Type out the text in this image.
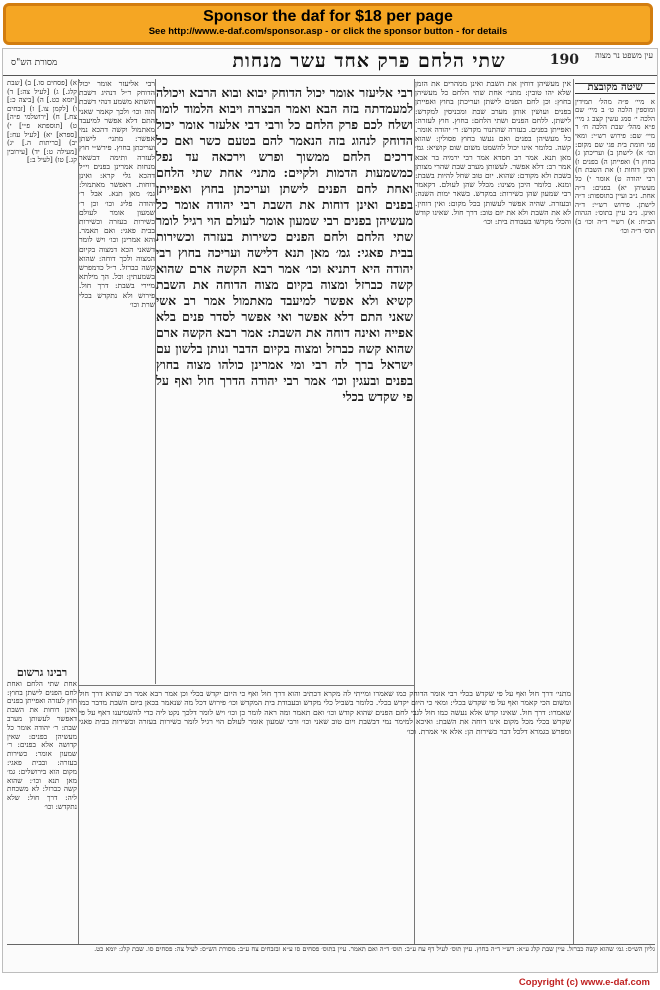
Sponsor the daf for $18 per page
See http://www.e-daf.com/sponsor.asp - or click the sponsor button - for details
מסורת הש"ס	שתי הלחם פרק אחד עשר מנחות	190	עין משפט נר מצוה
רבי אליעזר אומר יכול הדוחק יבוא ובוא הרבא ויכולה למעמדתה בזה הבא ואמר הבצרה ויבוא הלמוד לומר ושלח לכם פרק הלחם כל ורבי דבי אלעזר אומר יכול הדוחק לנהוג בזה הנאמר להם בטעם כשר ואם כל דרכים הלחם ממשוך ופרש וירכאה עד נפל כמשמעות הדמות ולקיים: מתני׳ אחת שתי הלחם ואחת לחם הפנים לישתן ועריכתן בחוץ ואפייתן בפנים ואינן דוחות את השבת רבי יהודה אומר כל מעשיהן בפנים רבי שמעון אומר לעולם הוי רגיל לומר שתי הלחם ולחם הפנים כשירות בעזרה וכשירות בבית פאגי: גמ׳ מאן תנא דלישה ועריכה בחוץ רבי יהודה היא דתניא וכו׳ אמר רבא הקשה ארם שהוא קשה כברזל ומצוה בקיום מצוה הדוחה את השבת קשיא ולא אפשר למיעבד מאתמול אמר רב אשי שאני התם דלא אפשר ואי אפשר לסדר פנים בלא אפייה ואינה דוחה את השבת: אמר רבא הקשה ארם שהוא קשה כברזל ומצוה בקיום הדבר ונותן בלשון עם ישראל ברך לה רבי ומי אמרינן כולהו מצוה בחוץ בפנים ובעגין וכו׳ אמר רבי יהודה הדרך חול ואף על פי שקדש בכלי
אין מעשיהן דוחין את השבת ואינן ממהרים את הזמן שלא יהו טובין: מתני׳ אחת שתי הלחם כל מעשיהן בחוץ: וכן לחם הפנים לישתן ועריכתן בחוץ ואפייתן בפנים ועושין אותן מערב שבת ומכניסין למקדש: לישתן. ללחם הפנים ושתי הלחם: בחוץ. חוץ לעזרה: ואפייתן בפנים. בעזרה שהתנור מקדש: ר׳ יהודה אומר. כל מעשיהן בפנים ואם נעשו בחוץ פסולין: שהוא קשה. כלומר אינו יכול להשמט משום שום קושיא: גמ׳ מאן תנא. אמר רב חסדא אמר רבי ירמיה בר אבא אמר רב: דלא אפשר. לעשותן מערב שבת שהרי מצותן בשבת ולא מקודם: שהוא. יום טוב שחל להיות בשבת: ומנא. כלומר היכן מצינו: מכלל שהן לעולם. דקאמר רבי שמעון שהן כשירות: במקדש. בשאר ימות השנה: ובעזרה. שהיה אפשר לעשותן בכל מקום: ואין דוחין. לא את השבת ולא את יום טוב: דרך חול. שאינו קודש והכלי מקדשו בעבודת בית: וכו׳
רבי אליעזר אומר יכול הדוחק ר״ל דנהיג דשבת והשתא משמע דנהי דשבת הוה וכו׳ ולכך קאמר שאני התם דלא אפשר למיעבד מאתמול וקשה דהכא נמי אפשר: מתני׳ לישתן ועריכתן בחוץ. פירש״י חוץ לעזרה ותימה דבשאר מנחות אמרינן בפנים וי״ל דהכא גלי קרא: ואינן דוחות. דאפשר מאתמול: גמ׳ מאן תנא. אבל ר׳ יהודה פליג וכו׳ וכן ר׳ שמעון אומר לעולם כשירות בעזרה וכשירות בבית פאגי: ואם תאמר. והא אמרינן וכו׳ ויש לומר דשאני הכא דמצוה בקיום המצוה ולכך דוחה: שהוא קשה כברזל. ר״ל כדמפרש בשמעתין: וכל. הך מילתא מיירי בשבת: דרך חול. פירוש ולא נתקדש בכלי שרת וכו׳
מתני׳ דרך חול ואף על פי שקדש בכלי רבי אומר הדוחק כמו שאמרו ומייתי לה מקרא דכתיב והוא דרך חול ואף כי היום יקדש בכלי וכן אמר רבא אמר רב שהוא דרך חול ומשום הכי קאמר ואף על פי שקדש בכלי: ומאי כי היום יקדש בכלי. כלומר בשביל כלי מקדש ובעבודת בית המקדש וכו׳ פירוש דכל מה שנאמר בכאן ביום השבת מדבר כמו שאמרו: דרך חול. שאינו קדש אלא נעשה כמו חול לגבי לחם הפנים שהוא קודש וכו׳ ואם תאמר ומה ראה לומר כן וכו׳ ויש לומר דלכך נקט ליה כדי להשמיענו דאף על פי שקדש בכלי מכל מקום אינו דוחה את השבת: ואיכא למימר נמי דבשבת ויום טוב שאני וכו׳ ורבי שמעון אומר לעולם הוי רגיל לומר כשירות בעזרה וכשירות בבית פאגי ומפרש בגמרא דלכל דבר כשירות הן: אלא אי אמרת. וכו׳
א) [פסחים סו.] ב) [שבת קלג.] ג) [לעיל צה:] ד) [יומא כט.] ה) [ביצה כ:] ו) [לקמן צו.] ז) [זבחים צח.] ח) [ירושלמי פ״ה] ט) [תוספתא פ״י] י) [ספרא] יא) [לעיל עח:] יב) [כריתות ה.] יג) [מעילה ט:] יד) [עירובין קג.] טו) [לעיל ב:]
רבינו גרשום
אחת שתי הלחם ואחת לחם הפנים לישתן בחוץ: חוץ לעזרה ואפייתן בפנים ואינן דוחות את השבת דאפשר לעשותן מערב שבת: ר׳ יהודה אומר כל מעשיהן בפנים: שאין קדושה אלא בפנים: ר׳ שמעון אומר: כשירות בעזרה: ובבית פאגי: מקום הוא בירושלים: גמ׳ מאן תנא וכו׳: שהוא קשה כברזל: לא משכחת ליה: דרך חול: שלא נתקדש: וכו׳
שיטה מקובצת
א מיי׳ פ״ה מהל׳ תמידין ומוספין הלכה ט׳ ב מיי׳ שם הלכה י׳ סמג עשין קצב ג מיי׳ פ״א מהל׳ שבת הלכה ח׳ ד מיי׳ שם: פירוש רש״י: ומאי פגי חומת בית פגי שם מקום: וכו׳ א) לישתן ב) ועריכתן ג) בחוץ ד) ואפייתן ה) בפנים ו) ואינן דוחות ז) את השבת ח) רבי יהודה ט) אומר י) כל מעשיהן יא) בפנים: ד״ה אחת. נ״ב ועיין בתוספות: ד״ה לישתן. פירוש רש״י: ד״ה ואינן. נ״ב עיין בתוס׳: הגהות הב״ח: א) רש״י ד״ה וכו׳ ב) תוס׳ ד״ה וכו׳
גליון הש״ס: גמ׳ שהוא קשה כברזל. עיין שבת קלג ע״א: רש״י ד״ה בחוץ. עיין תוס׳ לעיל דף עח ע״ב: תוס׳ ד״ה ואם תאמר. עיין בתוס׳ פסחים סו ע״א ובזבחים צח ע״ב: מסורת הש״ס: לעיל צה: פסחים סו. שבת קלג: יומא כט.
Copyright (c) www.e-daf.com
